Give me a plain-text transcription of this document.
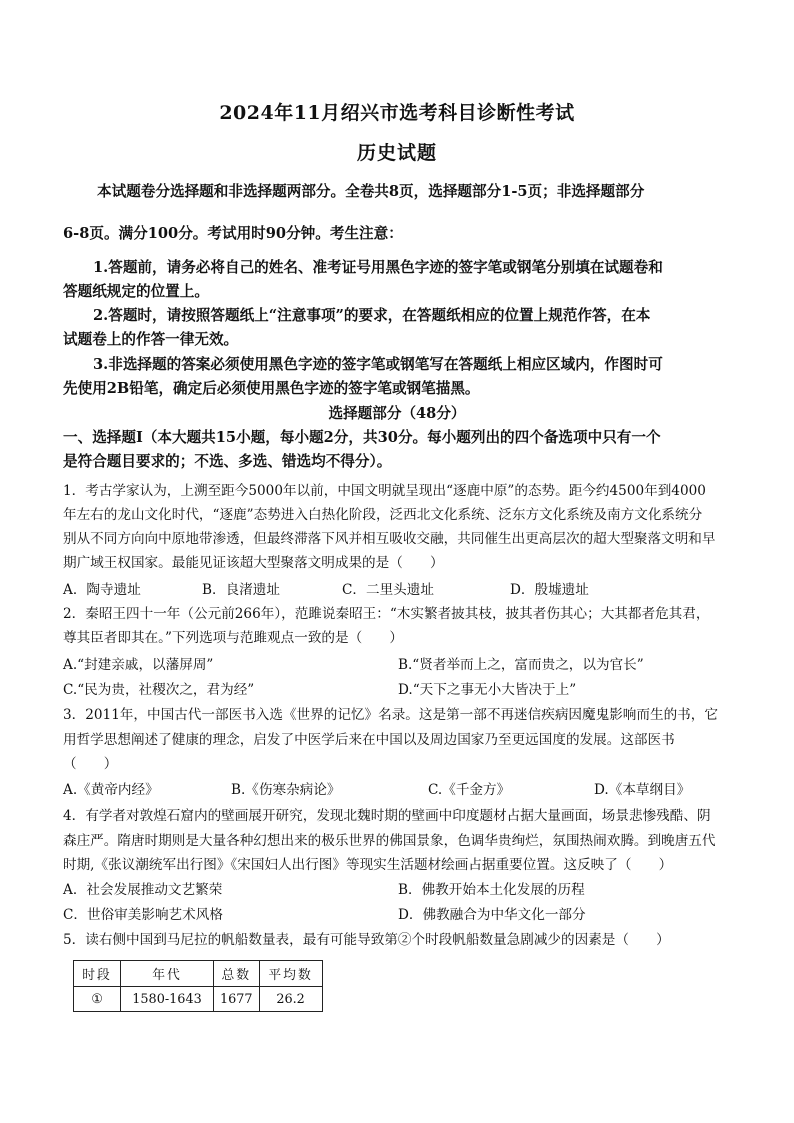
2024年11月绍兴市选考科目诊断性考试
历史试题
本试题卷分选择题和非选择题两部分。全卷共8页，选择题部分1-5页；非选择题部分
6-8页。满分100分。考试用时90分钟。考生注意：
1.答题前，请务必将自己的姓名、准考证号用黑色字迹的签字笔或钢笔分别填在试题卷和
答题纸规定的位置上。
2.答题时，请按照答题纸上“注意事项”的要求，在答题纸相应的位置上规范作答，在本
试题卷上的作答一律无效。
3.非选择题的答案必须使用黑色字迹的签字笔或钢笔写在答题纸上相应区域内，作图时可
先使用2B铅笔，确定后必须使用黑色字迹的签字笔或钢笔描黑。
选择题部分（48分）
一、选择题Ⅰ（本大题共15小题，每小题2分，共30分。每小题列出的四个备选项中只有一个
是符合题目要求的；不选、多选、错选均不得分）。
1．考古学家认为，上溯至距今5000年以前，中国文明就呈现出“逐鹿中原”的态势。距今约4500年到4000
年左右的龙山文化时代，“逐鹿”态势进入白热化阶段，泛西北文化系统、泛东方文化系统及南方文化系统分
别从不同方向向中原地带渗透，但最终滞落下风并相互吸收交融，共同催生出更高层次的超大型聚落文明和早
期广域王权国家。最能见证该超大型聚落文明成果的是（　　）
A．陶寺遗址	B．良渚遗址	C．二里头遗址	D．殷墟遗址
2．秦昭王四十一年（公元前266年），范雎说秦昭王：“木实繁者披其枝，披其者伤其心；大其都者危其君，
尊其臣者即其在。”下列选项与范雎观点一致的是（　　）
A.“封建亲戚，以藩屏周”	B.“贤者举而上之，富而贵之，以为官长”
C.“民为贵，社稷次之，君为经”	D.“天下之事无小大皆决于上”
3．2011年，中国古代一部医书入选《世界的记忆》名录。这是第一部不再迷信疾病因魔鬼影响而生的书，它
用哲学思想阐述了健康的理念，启发了中医学后来在中国以及周边国家乃至更远国度的发展。这部医书
（　　）
A.《黄帝内经》	B.《伤寒杂病论》	C.《千金方》	D.《本草纲目》
4．有学者对敦煌石窟内的壁画展开研究，发现北魏时期的壁画中印度题材占据大量画面，场景悲惨残酷、阴
森庄严。隋唐时期则是大量各种幻想出来的极乐世界的佛国景象，色调华贵绚烂，氛围热闹欢腾。到晚唐五代
时期,《张议潮统军出行图》《宋国妇人出行图》等现实生活题材绘画占据重要位置。这反映了（　　）
A．社会发展推动文艺繁荣	B．佛教开始本土化发展的历程
C．世俗审美影响艺术风格	D．佛教融合为中华文化一部分
5．读右侧中国到马尼拉的帆船数量表，最有可能导致第②个时段帆船数量急剧减少的因素是（　　）
时段	年代	总数	平均数
①	1580-1643	1677	26.2
